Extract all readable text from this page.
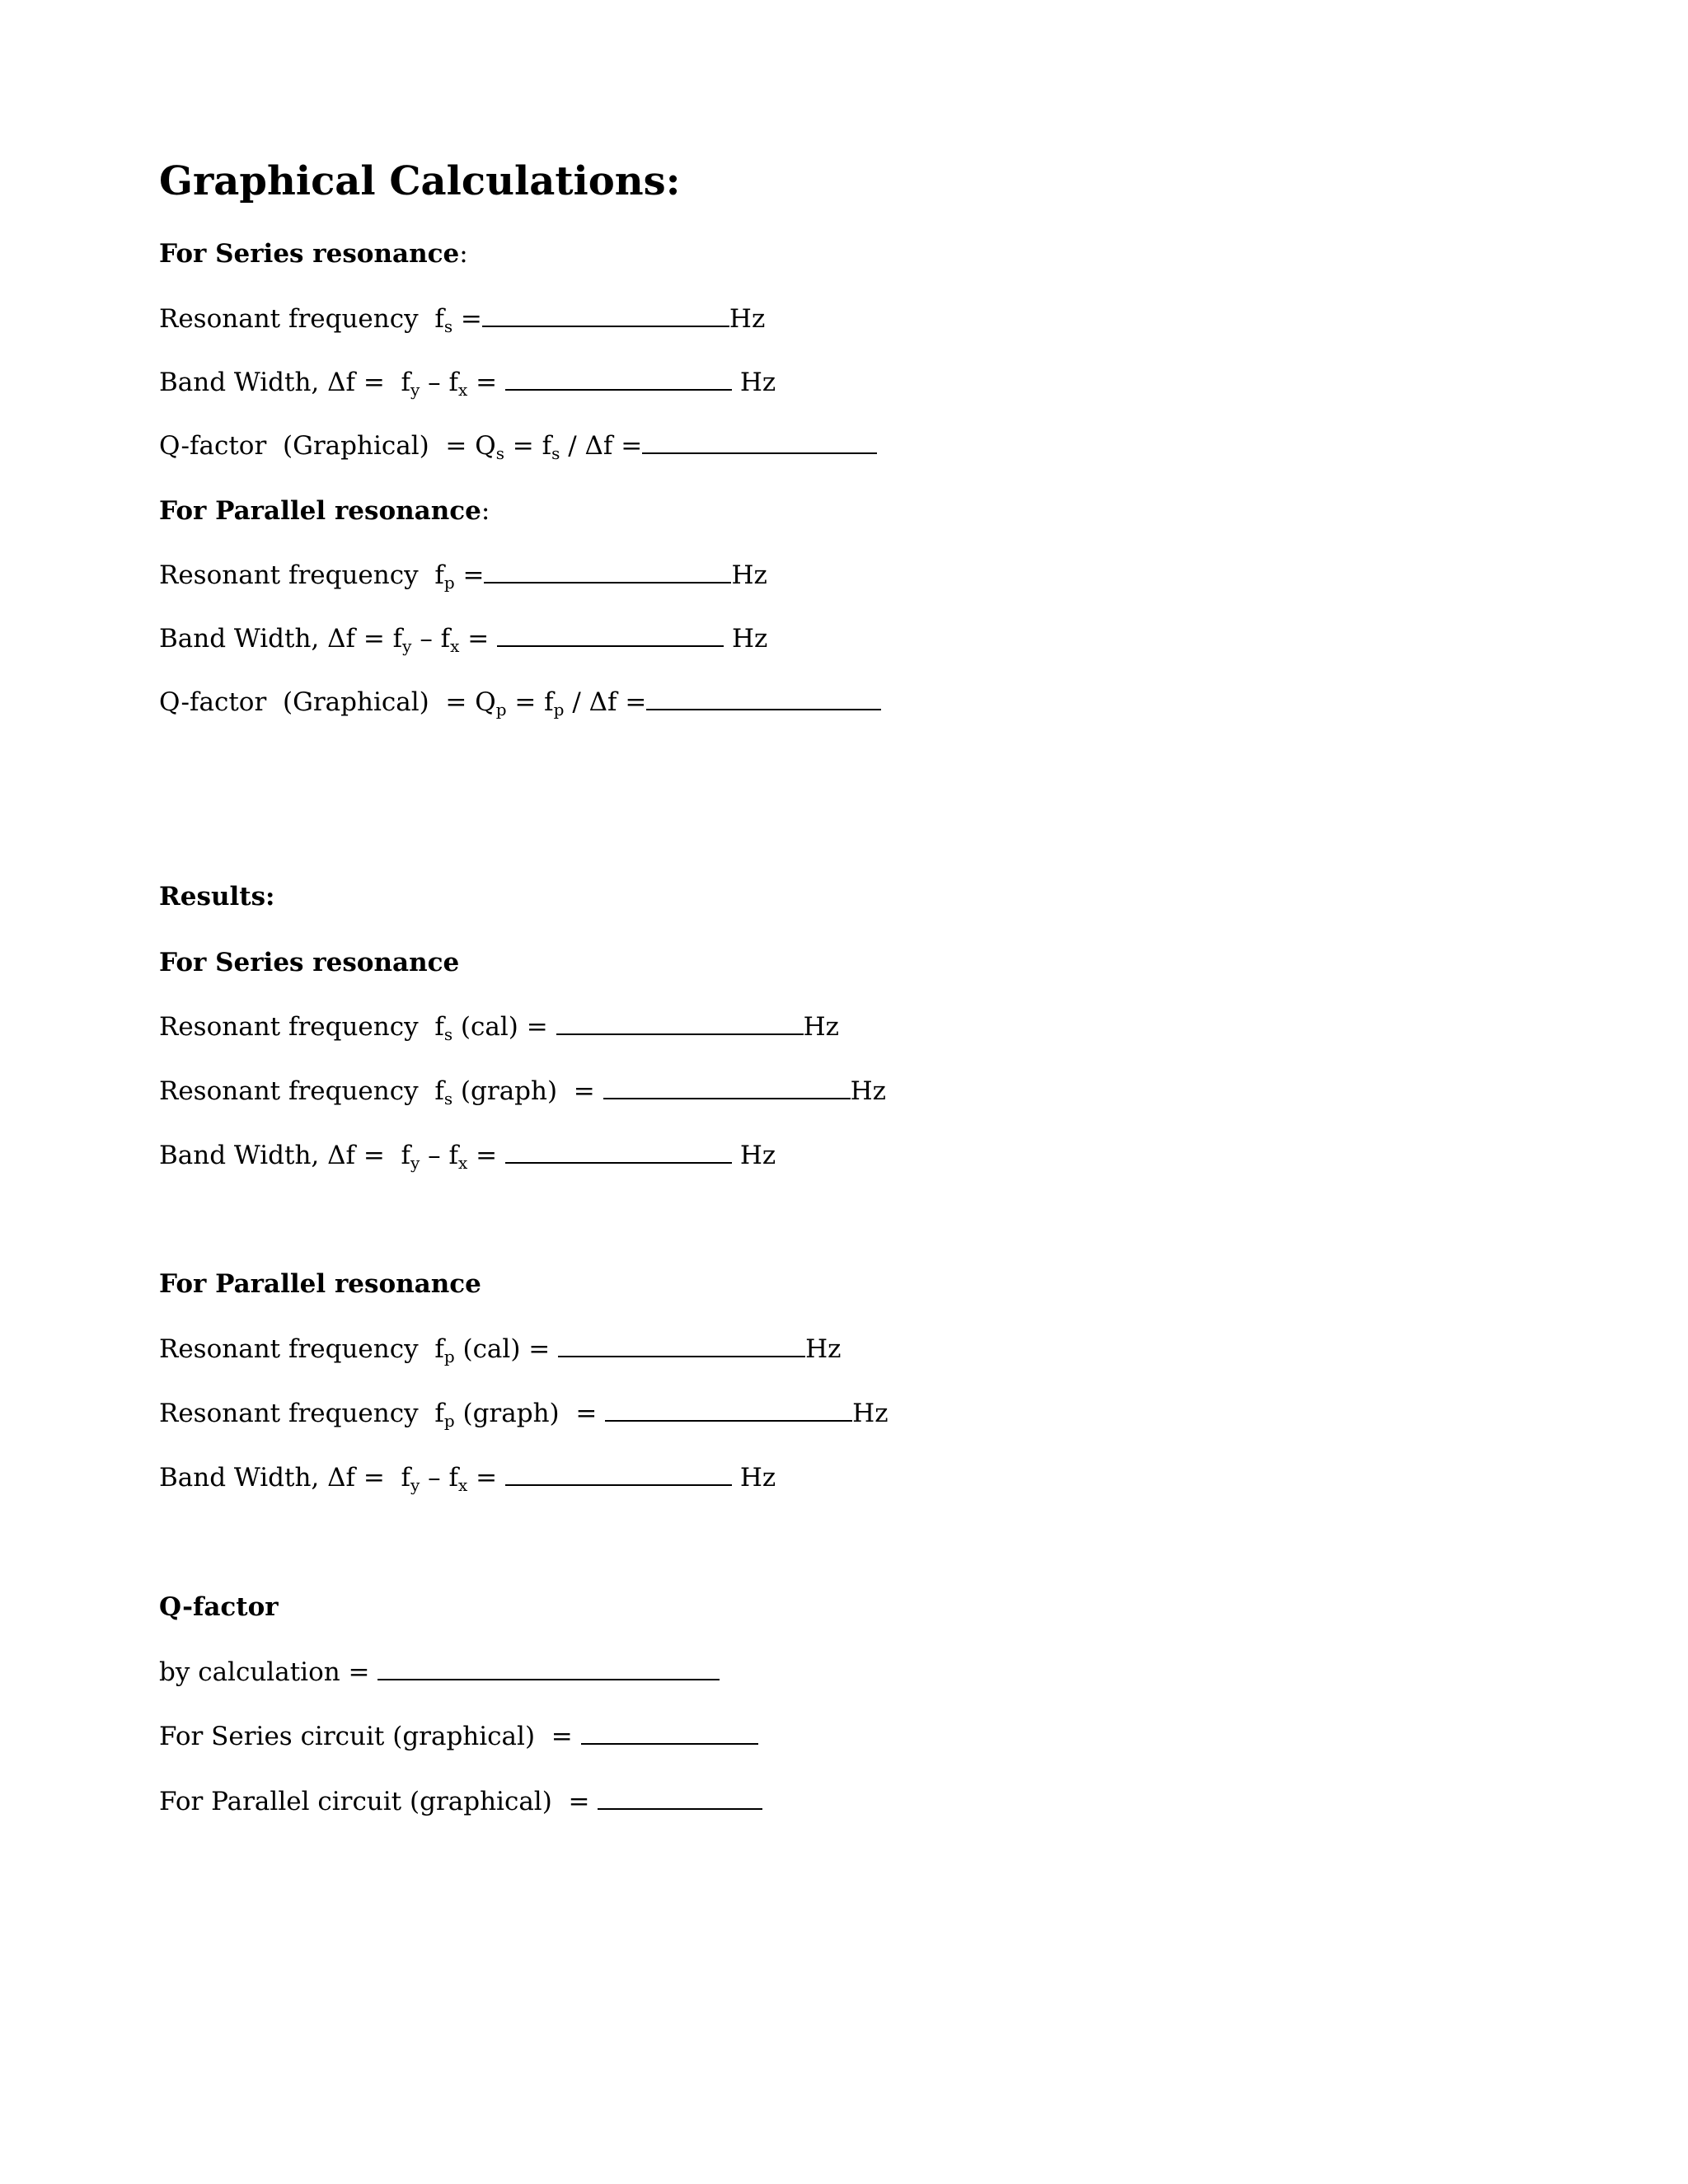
Graphical Calculations:
For Series resonance:
Resonant frequency  fs =	Hz
Band Width, Δf =  fy – fx =	Hz
Q-factor  (Graphical)  = Qs = fs / Δf =
For Parallel resonance:
Resonant frequency  fp =	Hz
Band Width, Δf = fy – fx =	Hz
Q-factor  (Graphical)  = Qp = fp / Δf =
Results:
For Series resonance
Resonant frequency  fs (cal) =	Hz
Resonant frequency  fs (graph)  =	Hz
Band Width, Δf =  fy – fx =	Hz
For Parallel resonance
Resonant frequency  fp (cal) =	Hz
Resonant frequency  fp (graph)  =	Hz
Band Width, Δf =  fy – fx =	Hz
Q-factor
by calculation =
For Series circuit (graphical)  =
For Parallel circuit (graphical)  =
